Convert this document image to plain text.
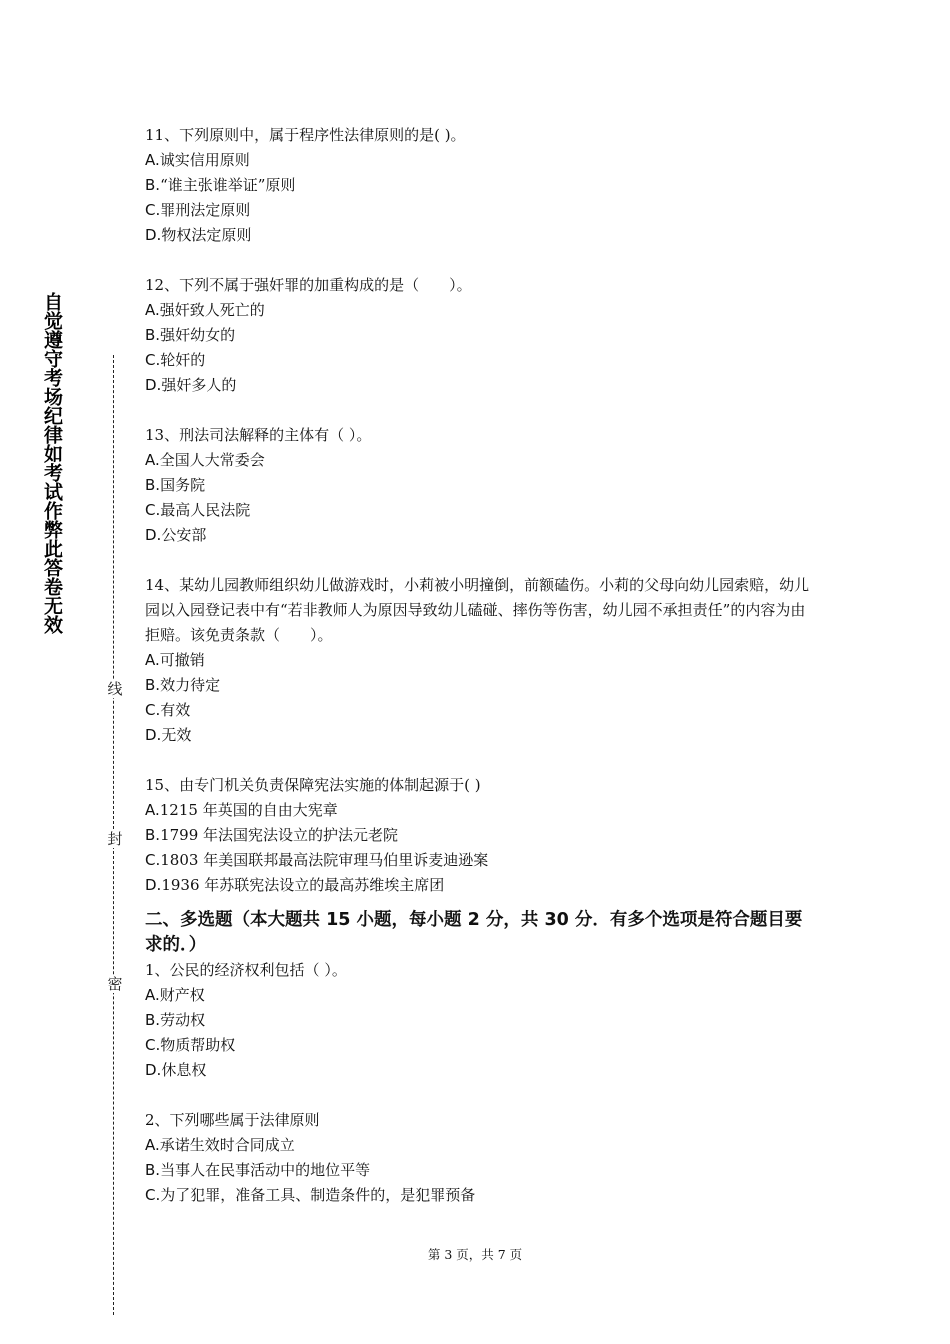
自觉遵守考场纪律如考试作弊此答卷无效
线
封
密

11、下列原则中，属于程序性法律原则的是( )。

A.诚实信用原则

B.“谁主张谁举证”原则

C.罪刑法定原则

D.物权法定原则

12、下列不属于强奸罪的加重构成的是（　　）。

A.强奸致人死亡的

B.强奸幼女的

C.轮奸的

D.强奸多人的

13、刑法司法解释的主体有（ ）。

A.全国人大常委会

B.国务院

C.最高人民法院

D.公安部

14、某幼儿园教师组织幼儿做游戏时，小莉被小明撞倒，前额磕伤。小莉的父母向幼儿园索赔，幼儿园以入园登记表中有“若非教师人为原因导致幼儿磕碰、摔伤等伤害，幼儿园不承担责任”的内容为由拒赔。该免责条款（　　）。

A.可撤销

B.效力待定

C.有效

D.无效

15、由专门机关负责保障宪法实施的体制起源于( )

A.1215 年英国的自由大宪章

B.1799 年法国宪法设立的护法元老院

C.1803 年美国联邦最高法院审理马伯里诉麦迪逊案

D.1936 年苏联宪法设立的最高苏维埃主席团

二、多选题（本大题共 15 小题，每小题 2 分，共 30 分．有多个选项是符合题目要求的．）

1、公民的经济权利包括（ ）。

A.财产权

B.劳动权

C.物质帮助权

D.休息权

2、下列哪些属于法律原则

A.承诺生效时合同成立

B.当事人在民事活动中的地位平等

C.为了犯罪，准备工具、制造条件的，是犯罪预备

第 3 页，共 7 页
